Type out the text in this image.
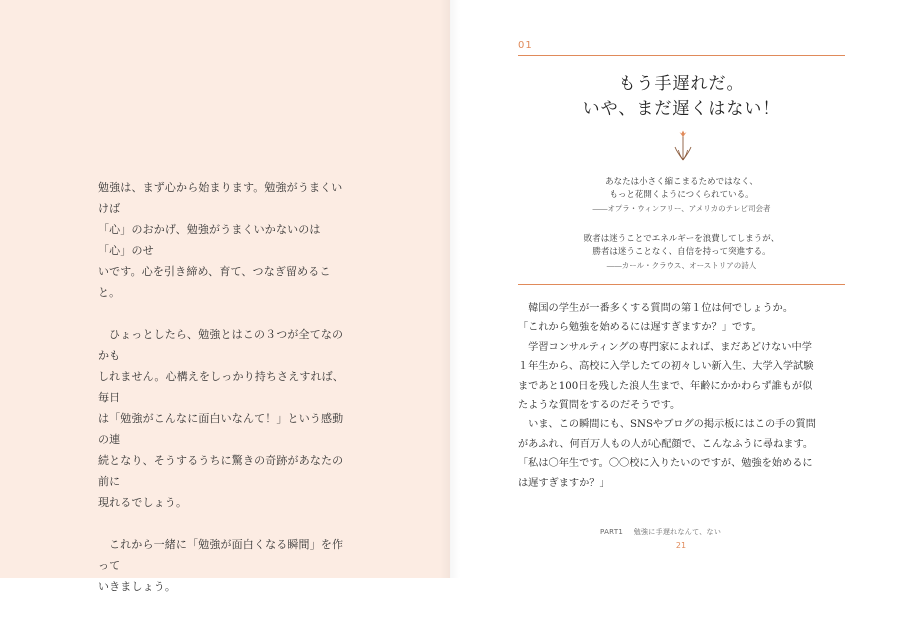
勉強は、まず心から始まります。勉強がうまくいけば
「心」のおかげ、勉強がうまくいかないのは「心」のせ
いです。心を引き締め、育て、つなぎ留めること。

ひょっとしたら、勉強とはこの３つが全てなのかも
しれません。心構えをしっかり持ちさえすれば、毎日
は「勉強がこんなに面白いなんて！」という感動の連
続となり、そうするうちに驚きの奇跡があなたの前に
現れるでしょう。

これから一緒に「勉強が面白くなる瞬間」を作って
いきましょう。

01
もう手遅れだ。
いや、まだ遅くはない！
あなたは小さく縮こまるためではなく、
もっと花開くようにつくられている。
――オプラ・ウィンフリー、アメリカのテレビ司会者
敗者は迷うことでエネルギーを浪費してしまうが、
勝者は迷うことなく、自信を持って突進する。
――カール・クラウス、オーストリアの詩人
　韓国の学生が一番多くする質問の第１位は何でしょうか。
「これから勉強を始めるには遅すぎますか？」です。
　学習コンサルティングの専門家によれば、まだあどけない中学
１年生から、高校に入学したての初々しい新入生、大学入学試験
まであと100日を残した浪人生まで、年齢にかかわらず誰もが似
たような質問をするのだそうです。
　いま、この瞬間にも、SNSやブログの掲示板にはこの手の質問
があふれ、何百万人もの人が心配顔で、こんなふうに尋ねます。
「私は〇年生です。〇〇校に入りたいのですが、勉強を始めるに
は遅すぎますか？」
PART1 勉強に手遅れなんて、ない
21
